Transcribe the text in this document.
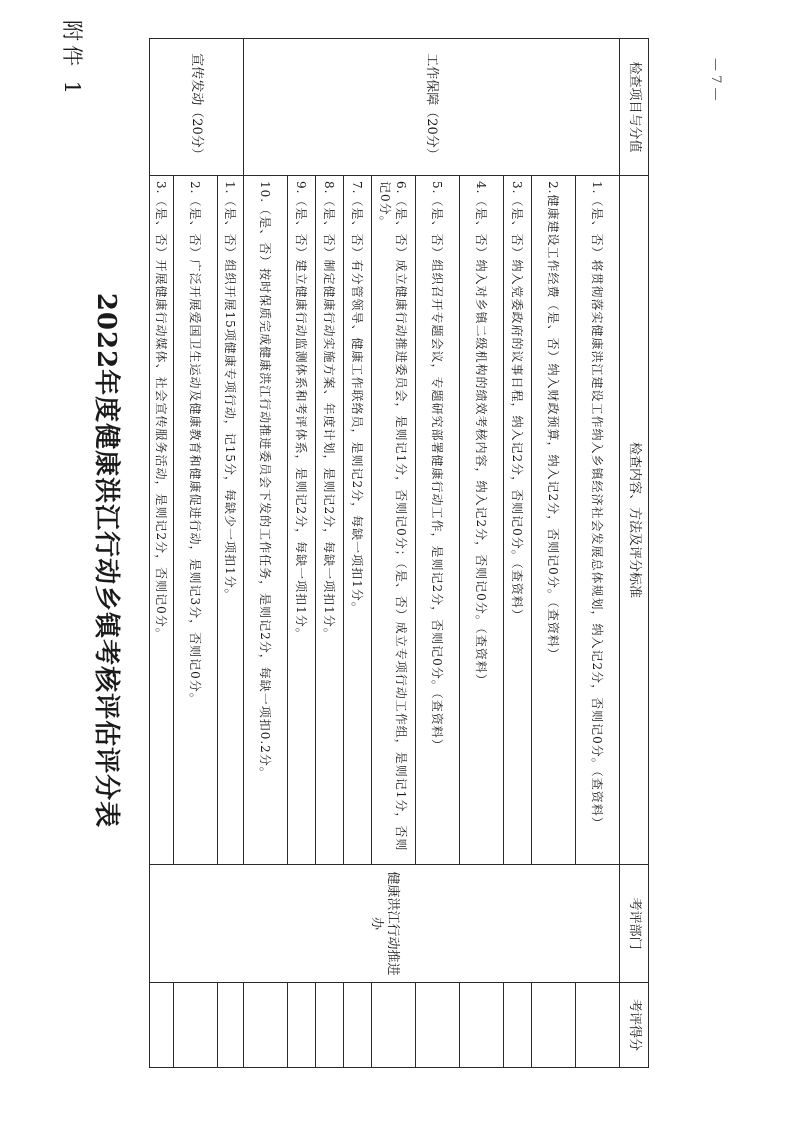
附件 1
2022年度健康洪江行动乡镇考核评估评分表
— 7 —
检查项目与分值	检查内容、方法及评分标准	考评部门	考评得分
工作保障（20分）	1.（是、否）将贯彻落实健康洪江建设工作纳入乡镇经济社会发展总体规划，纳入记2分，否则记0分。（查资料）	健康洪江行动推进办	
	2.健康建设工作经费（是、否）纳入财政预算，纳入记2分，否则记0分。（查资料）		
	3.（是、否）纳入党委政府的议事日程，纳入记2分，否则记0分。（查资料）		
	4.（是、否）纳入对乡镇二级机构的绩效考核内容，纳入记2分，否则记0分。（查资料）		
	5.（是、否）组织召开专题会议，专题研究部署健康行动工作，是则记2分，否则记0分。（查资料）		
	6.（是、否）成立健康行动推进委员会，是则记1分，否则记0分；（是、否）成立专项行动工作组，是则记1分，否则记0分。		
	7.（是、否）有分管领导、健康工作联络员，是则记2分，每缺一项扣1分。		
	8.（是、否）制定健康行动实施方案、年度计划，是则记2分，每缺一项扣1分。		
	9.（是、否）建立健康行动监测体系和考评体系，是则记2分，每缺一项扣1分。		
	10.（是、否）按时保质完成健康洪江行动推进委员会下发的工作任务，是则记2分，每缺一项扣0.2分。		
宣传发动（20分）	1.（是、否）组织开展15项健康专项行动，记15分，每缺少一项扣1分。		
	2.（是、否）广泛开展爱国卫生运动及健康教育和健康促进行动，是则记3分，否则记0分。		
	3.（是、否）开展健康行动媒体、社会宣传服务活动，是则记2分，否则记0分。		
